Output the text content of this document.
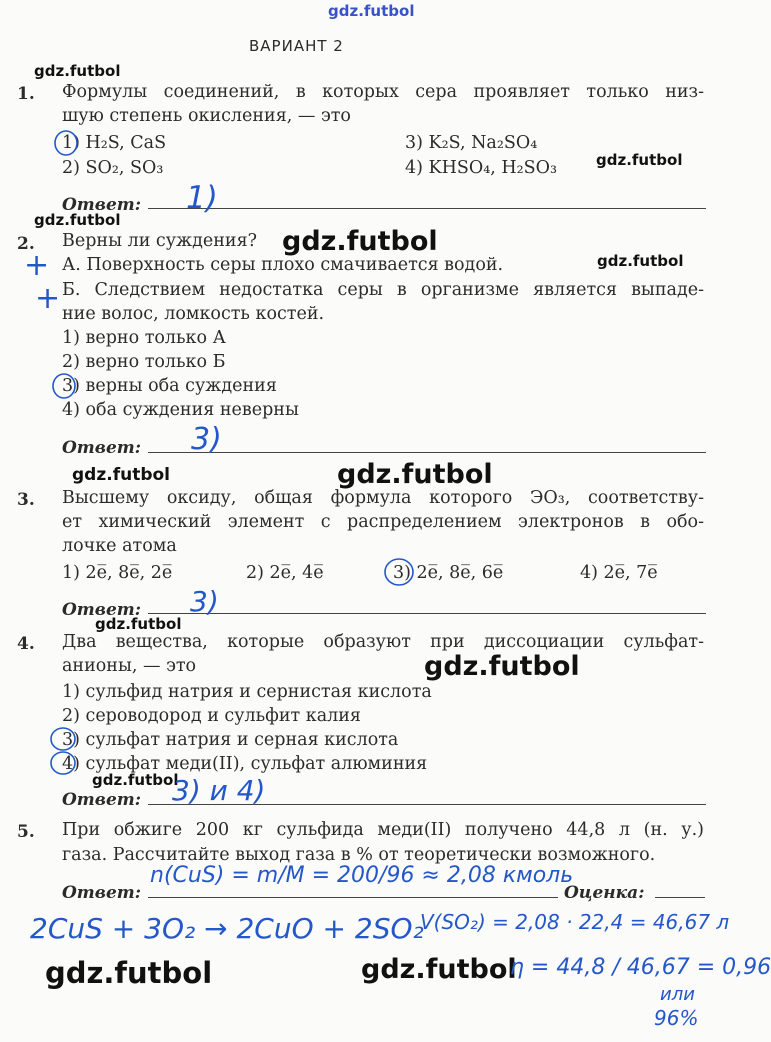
gdz.futbol
gdz.futbol
gdz.futbol
gdz.futbol
gdz.futbol
gdz.futbol
gdz.futbol	gdz.futbol
gdz.futbol
gdz.futbol
gdz.futbol
gdz.futbol	gdz.futbol
ВАРИАНТ 2
1. Формулы соединений, в которых сера проявляет только низ-
шую степень окисления, — это
1) H₂S, CaS
2) SO₂, SO₃
3) K₂S, Na₂SO₄
4) KHSO₄, H₂SO₃
Ответ: 1)
2. Верны ли суждения?
+ А. Поверхность серы плохо смачивается водой.
+ Б. Следствием недостатка серы в организме является выпаде-
ние волос, ломкость костей.
1) верно только А
2) верно только Б
3) верны оба суждения
4) оба суждения неверны
Ответ: 3)
3. Высшему оксиду, общая формула которого ЭО₃, соответству-
ет химический элемент с распределением электронов в обо-
лочке атома
1) 2e̅, 8e̅, 2e̅	2) 2e̅, 4e̅	3) 2e̅, 8e̅, 6e̅	4) 2e̅, 7e̅
Ответ: 3)
4. Два вещества, которые образуют при диссоциации сульфат-
анионы, — это
1) сульфид натрия и сернистая кислота
2) сероводород и сульфит калия
3) сульфат натрия и серная кислота
4) сульфат меди(II), сульфат алюминия
Ответ: 3) и 4)
5. При обжиге 200 кг сульфида меди(II) получено 44,8 л (н. у.)
газа. Рассчитайте выход газа в % от теоретически возможного.
Ответ:	Оценка:
n(CuS) = m/M = 200/96 ≈ 2,08 кмоль
2CuS + 3O₂ → 2CuO + 2SO₂
V(SO₂) = 2,08 · 22,4 = 46,67 л
η = 44,8 / 46,67 = 0,96
или
96%
